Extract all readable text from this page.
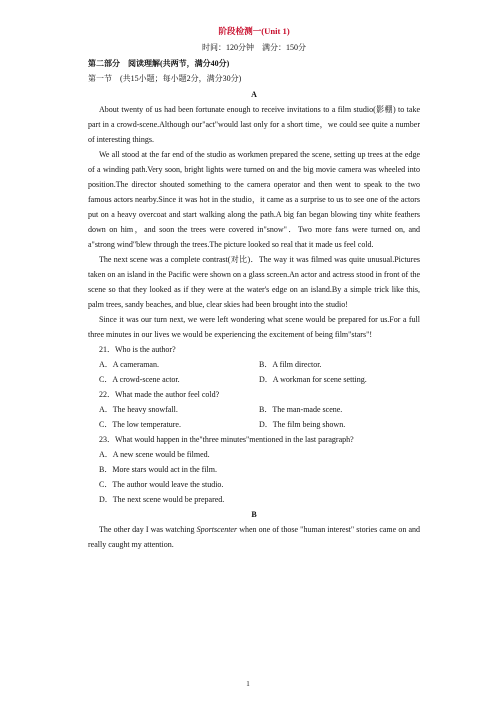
阶段检测一(Unit 1)
时间：120分钟　满分：150分
第二部分　阅读理解(共两节，满分40分)
第一节　(共15小题；每小题2分，满分30分)
A
About twenty of us had been fortunate enough to receive invitations to a film studio(影棚) to take part in a crowd-scene.Although our"act"would last only for a short time，we could see quite a number of interesting things.
We all stood at the far end of the studio as workmen prepared the scene, setting up trees at the edge of a winding path.Very soon, bright lights were turned on and the big movie camera was wheeled into position.The director shouted something to the camera operator and then went to speak to the two famous actors nearby.Since it was hot in the studio，it came as a surprise to us to see one of the actors put on a heavy overcoat and start walking along the path.A big fan began blowing tiny white feathers down on him，and soon the trees were covered in"snow"．Two more fans were turned on, and a"strong wind"blew through the trees.The picture looked so real that it made us feel cold.
The next scene was a complete contrast(对比)．The way it was filmed was quite unusual.Pictures taken on an island in the Pacific were shown on a glass screen.An actor and actress stood in front of the scene so that they looked as if they were at the water's edge on an island.By a simple trick like this, palm trees, sandy beaches, and blue, clear skies had been brought into the studio!
Since it was our turn next, we were left wondering what scene would be prepared for us.For a full three minutes in our lives we would be experiencing the excitement of being film"stars"!
21．Who is the author?
A．A cameraman.	B．A film director.
C．A crowd-scene actor.	D．A workman for scene setting.
22．What made the author feel cold?
A．The heavy snowfall.	B．The man-made scene.
C．The low temperature.	D．The film being shown.
23．What would happen in the"three minutes"mentioned in the last paragraph?
A．A new scene would be filmed.
B．More stars would act in the film.
C．The author would leave the studio.
D．The next scene would be prepared.
B
The other day I was watching Sportscenter when one of those "human interest" stories came on and really caught my attention.
1
